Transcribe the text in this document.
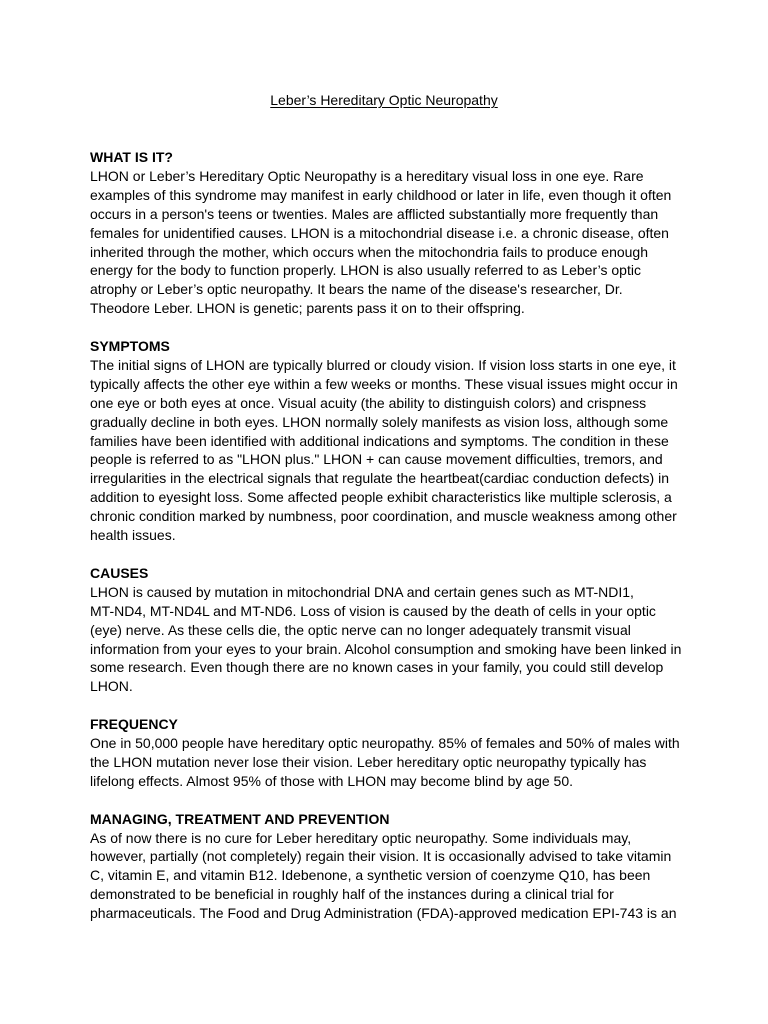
Leber’s Hereditary Optic Neuropathy
WHAT IS IT?
LHON or Leber’s Hereditary Optic Neuropathy is a hereditary visual loss in one eye. Rare
examples of this syndrome may manifest in early childhood or later in life, even though it often
occurs in a person's teens or twenties. Males are afflicted substantially more frequently than
females for unidentified causes. LHON is a mitochondrial disease i.e. a chronic disease, often
inherited through the mother, which occurs when the mitochondria fails to produce enough
energy for the body to function properly. LHON is also usually referred to as Leber’s optic
atrophy or Leber’s optic neuropathy. It bears the name of the disease's researcher, Dr.
Theodore Leber. LHON is genetic; parents pass it on to their offspring.
SYMPTOMS
The initial signs of LHON are typically blurred or cloudy vision. If vision loss starts in one eye, it
typically affects the other eye within a few weeks or months. These visual issues might occur in
one eye or both eyes at once. Visual acuity (the ability to distinguish colors) and crispness
gradually decline in both eyes. LHON normally solely manifests as vision loss, although some
families have been identified with additional indications and symptoms. The condition in these
people is referred to as "LHON plus." LHON + can cause movement difficulties, tremors, and
irregularities in the electrical signals that regulate the heartbeat(cardiac conduction defects) in
addition to eyesight loss. Some affected people exhibit characteristics like multiple sclerosis, a
chronic condition marked by numbness, poor coordination, and muscle weakness among other
health issues.
CAUSES
LHON is caused by mutation in mitochondrial DNA and certain genes such as MT-NDI1,
MT-ND4, MT-ND4L and MT-ND6. Loss of vision is caused by the death of cells in your optic
(eye) nerve. As these cells die, the optic nerve can no longer adequately transmit visual
information from your eyes to your brain. Alcohol consumption and smoking have been linked in
some research. Even though there are no known cases in your family, you could still develop
LHON.
FREQUENCY
One in 50,000 people have hereditary optic neuropathy. 85% of females and 50% of males with
the LHON mutation never lose their vision. Leber hereditary optic neuropathy typically has
lifelong effects. Almost 95% of those with LHON may become blind by age 50.
MANAGING, TREATMENT AND PREVENTION
As of now there is no cure for Leber hereditary optic neuropathy. Some individuals may,
however, partially (not completely) regain their vision. It is occasionally advised to take vitamin
C, vitamin E, and vitamin B12. Idebenone, a synthetic version of coenzyme Q10, has been
demonstrated to be beneficial in roughly half of the instances during a clinical trial for
pharmaceuticals. The Food and Drug Administration (FDA)-approved medication EPI-743 is an
